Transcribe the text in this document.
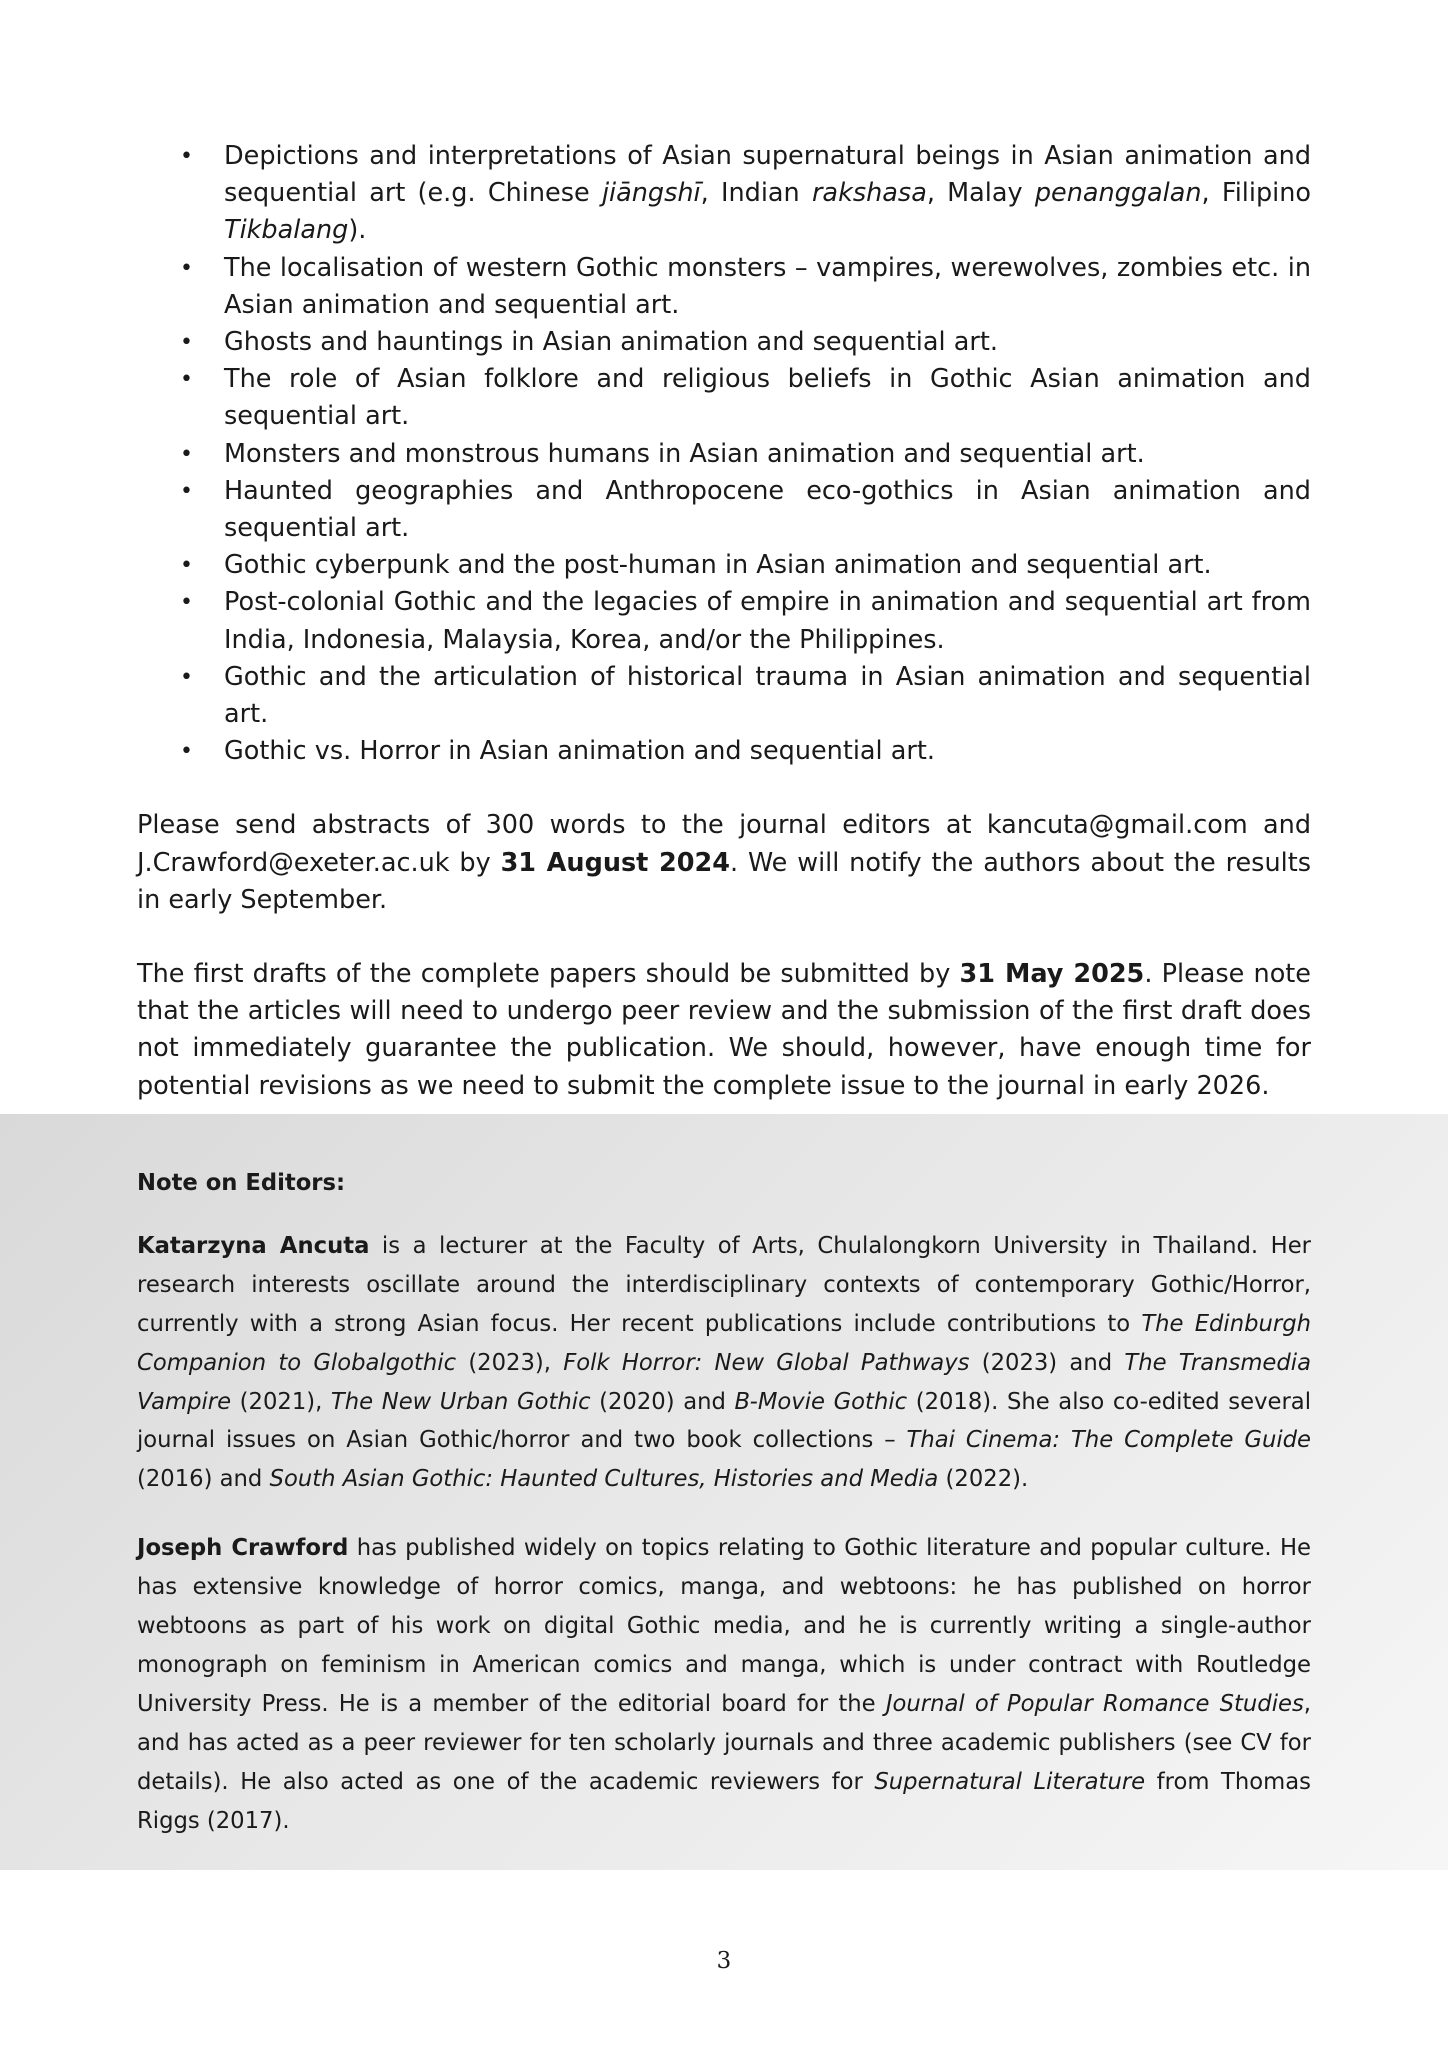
• Depictions and interpretations of Asian supernatural beings in Asian animation and sequential art (e.g. Chinese jiāngshī, Indian rakshasa, Malay penanggalan, Filipino Tikbalang).
• The localisation of western Gothic monsters – vampires, werewolves, zombies etc. in Asian animation and sequential art.
• Ghosts and hauntings in Asian animation and sequential art.
• The role of Asian folklore and religious beliefs in Gothic Asian animation and sequential art.
• Monsters and monstrous humans in Asian animation and sequential art.
• Haunted geographies and Anthropocene eco-gothics in Asian animation and sequential art.
• Gothic cyberpunk and the post-human in Asian animation and sequential art.
• Post-colonial Gothic and the legacies of empire in animation and sequential art from India, Indonesia, Malaysia, Korea, and/or the Philippines.
• Gothic and the articulation of historical trauma in Asian animation and sequential art.
• Gothic vs. Horror in Asian animation and sequential art.

Please send abstracts of 300 words to the journal editors at kancuta@gmail.com and J.Crawford@exeter.ac.uk by 31 August 2024. We will notify the authors about the results in early September.

The first drafts of the complete papers should be submitted by 31 May 2025. Please note that the articles will need to undergo peer review and the submission of the first draft does not immediately guarantee the publication. We should, however, have enough time for potential revisions as we need to submit the complete issue to the journal in early 2026.

Note on Editors:

Katarzyna Ancuta is a lecturer at the Faculty of Arts, Chulalongkorn University in Thailand. Her research interests oscillate around the interdisciplinary contexts of contemporary Gothic/Horror, currently with a strong Asian focus. Her recent publications include contributions to The Edinburgh Companion to Globalgothic (2023), Folk Horror: New Global Pathways (2023) and The Transmedia Vampire (2021), The New Urban Gothic (2020) and B-Movie Gothic (2018). She also co-edited several journal issues on Asian Gothic/horror and two book collections – Thai Cinema: The Complete Guide (2016) and South Asian Gothic: Haunted Cultures, Histories and Media (2022).

Joseph Crawford has published widely on topics relating to Gothic literature and popular culture. He has extensive knowledge of horror comics, manga, and webtoons: he has published on horror webtoons as part of his work on digital Gothic media, and he is currently writing a single-author monograph on feminism in American comics and manga, which is under contract with Routledge University Press. He is a member of the editorial board for the Journal of Popular Romance Studies, and has acted as a peer reviewer for ten scholarly journals and three academic publishers (see CV for details). He also acted as one of the academic reviewers for Supernatural Literature from Thomas Riggs (2017).

3
